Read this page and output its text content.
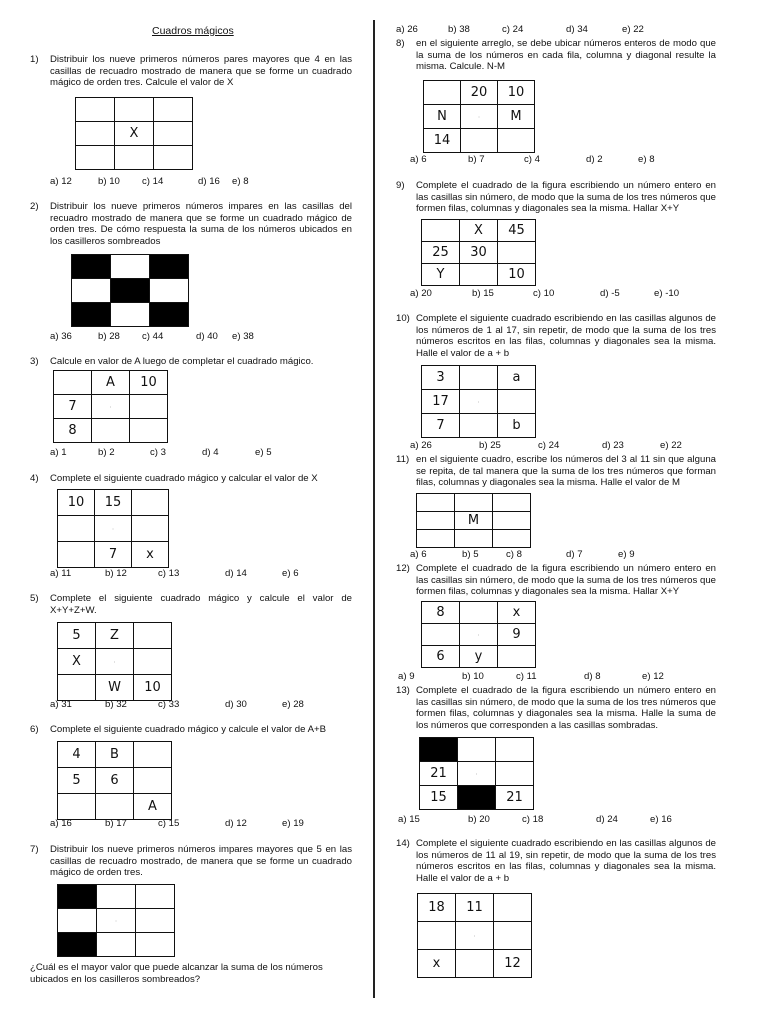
Cuadros mágicos
1) Distribuir los nueve primeros números pares mayores que 4 en las casillas de recuadro mostrado de manera que se forme un cuadrado mágico de orden tres. Calcule el valor de X

	X	

a) 12	b) 10 c) 14	d) 16 e) 8
2) Distribuir los nueve primeros números impares en las casillas del recuadro mostrado de manera que se forme un cuadrado mágico de orden tres. De cómo respuesta la suma de los números ubicados en los casilleros sombreados

a) 36	b) 28 c) 44	d) 40 e) 38
3) Calcule en valor de A luego de completar el cuadrado mágico.
	A	10
7	·	
8		
a) 1	b) 2	c) 3	d) 4	e) 5
4) Complete el siguiente cuadrado mágico y calcular el valor de X
10	15	
	·	
	7	x
a) 11	b) 12	c) 13	d) 14	e) 6
5) Complete el siguiente cuadrado mágico y calcule el valor de X+Y+Z+W.
5	Z	
X	·	
	W	10
a) 31	b) 32	c) 33	d) 30	e) 28
6) Complete el siguiente cuadrado mágico y calcule el valor de A+B
4	B	
5	6	
		A
a) 16	b) 17	c) 15	d) 12	e) 19
7) Distribuir los nueve primeros números impares mayores que 5 en las casillas de recuadro mostrado, de manera que se forme un cuadrado mágico de orden tres.

	·	

¿Cuál es el mayor valor que puede alcanzar la suma de los números ubicados en los casilleros sombreados?
a) 26	b) 38	c) 24	d) 34	e) 22
8) en el siguiente arreglo, se debe ubicar números enteros de modo que la suma de los números en cada fila, columna y diagonal resulte la misma. Calcule. N-M
	20	10
N	·	M
14		
a) 6	b) 7	c) 4	d) 2	e) 8
9) Complete el cuadrado de la figura escribiendo un número entero en las casillas sin número, de modo que la suma de los tres números que formen filas, columnas y diagonales sea la misma. Hallar X+Y
	X	45
25	30	
Y		10
a) 20	b) 15	c) 10	d) -5	e) -10
10) Complete el siguiente cuadrado escribiendo en las casillas algunos de los números de 1 al 17, sin repetir, de modo que la suma de los tres números escritos en las filas, columnas y diagonales sea la misma. Halle el valor de a + b
3		a
17	·	
7		b
a) 26	b) 25	c) 24	d) 23	e) 22
11) en el siguiente cuadro, escribe los números del 3 al 11 sin que alguna se repita, de tal manera que la suma de los tres números que forman filas, columnas y diagonales sea la misma. Halle el valor de M

	M	

a) 6	b) 5	c) 8	d) 7	e) 9
12) Complete el cuadrado de la figura escribiendo un número entero en las casillas sin número, de modo que la suma de los tres números que formen filas, columnas y diagonales sea la misma. Hallar X+Y
8		x
	·	9
6	y	
a) 9	b) 10	c) 11	d) 8	e) 12
13) Complete el cuadrado de la figura escribiendo un número entero en las casillas sin número, de modo que la suma de los tres números que formen filas, columnas y diagonales sea la misma. Halle la suma de los números que corresponden a las casillas sombradas.

21	·	
15		21
a) 15	b) 20	c) 18	d) 24	e) 16
14) Complete el siguiente cuadrado escribiendo en las casillas algunos de los números de 11 al 19, sin repetir, de modo que la suma de los tres números escritos en las filas, columnas y diagonales sea la misma. Halle el valor de a + b
18	11	
	·	
x		12
